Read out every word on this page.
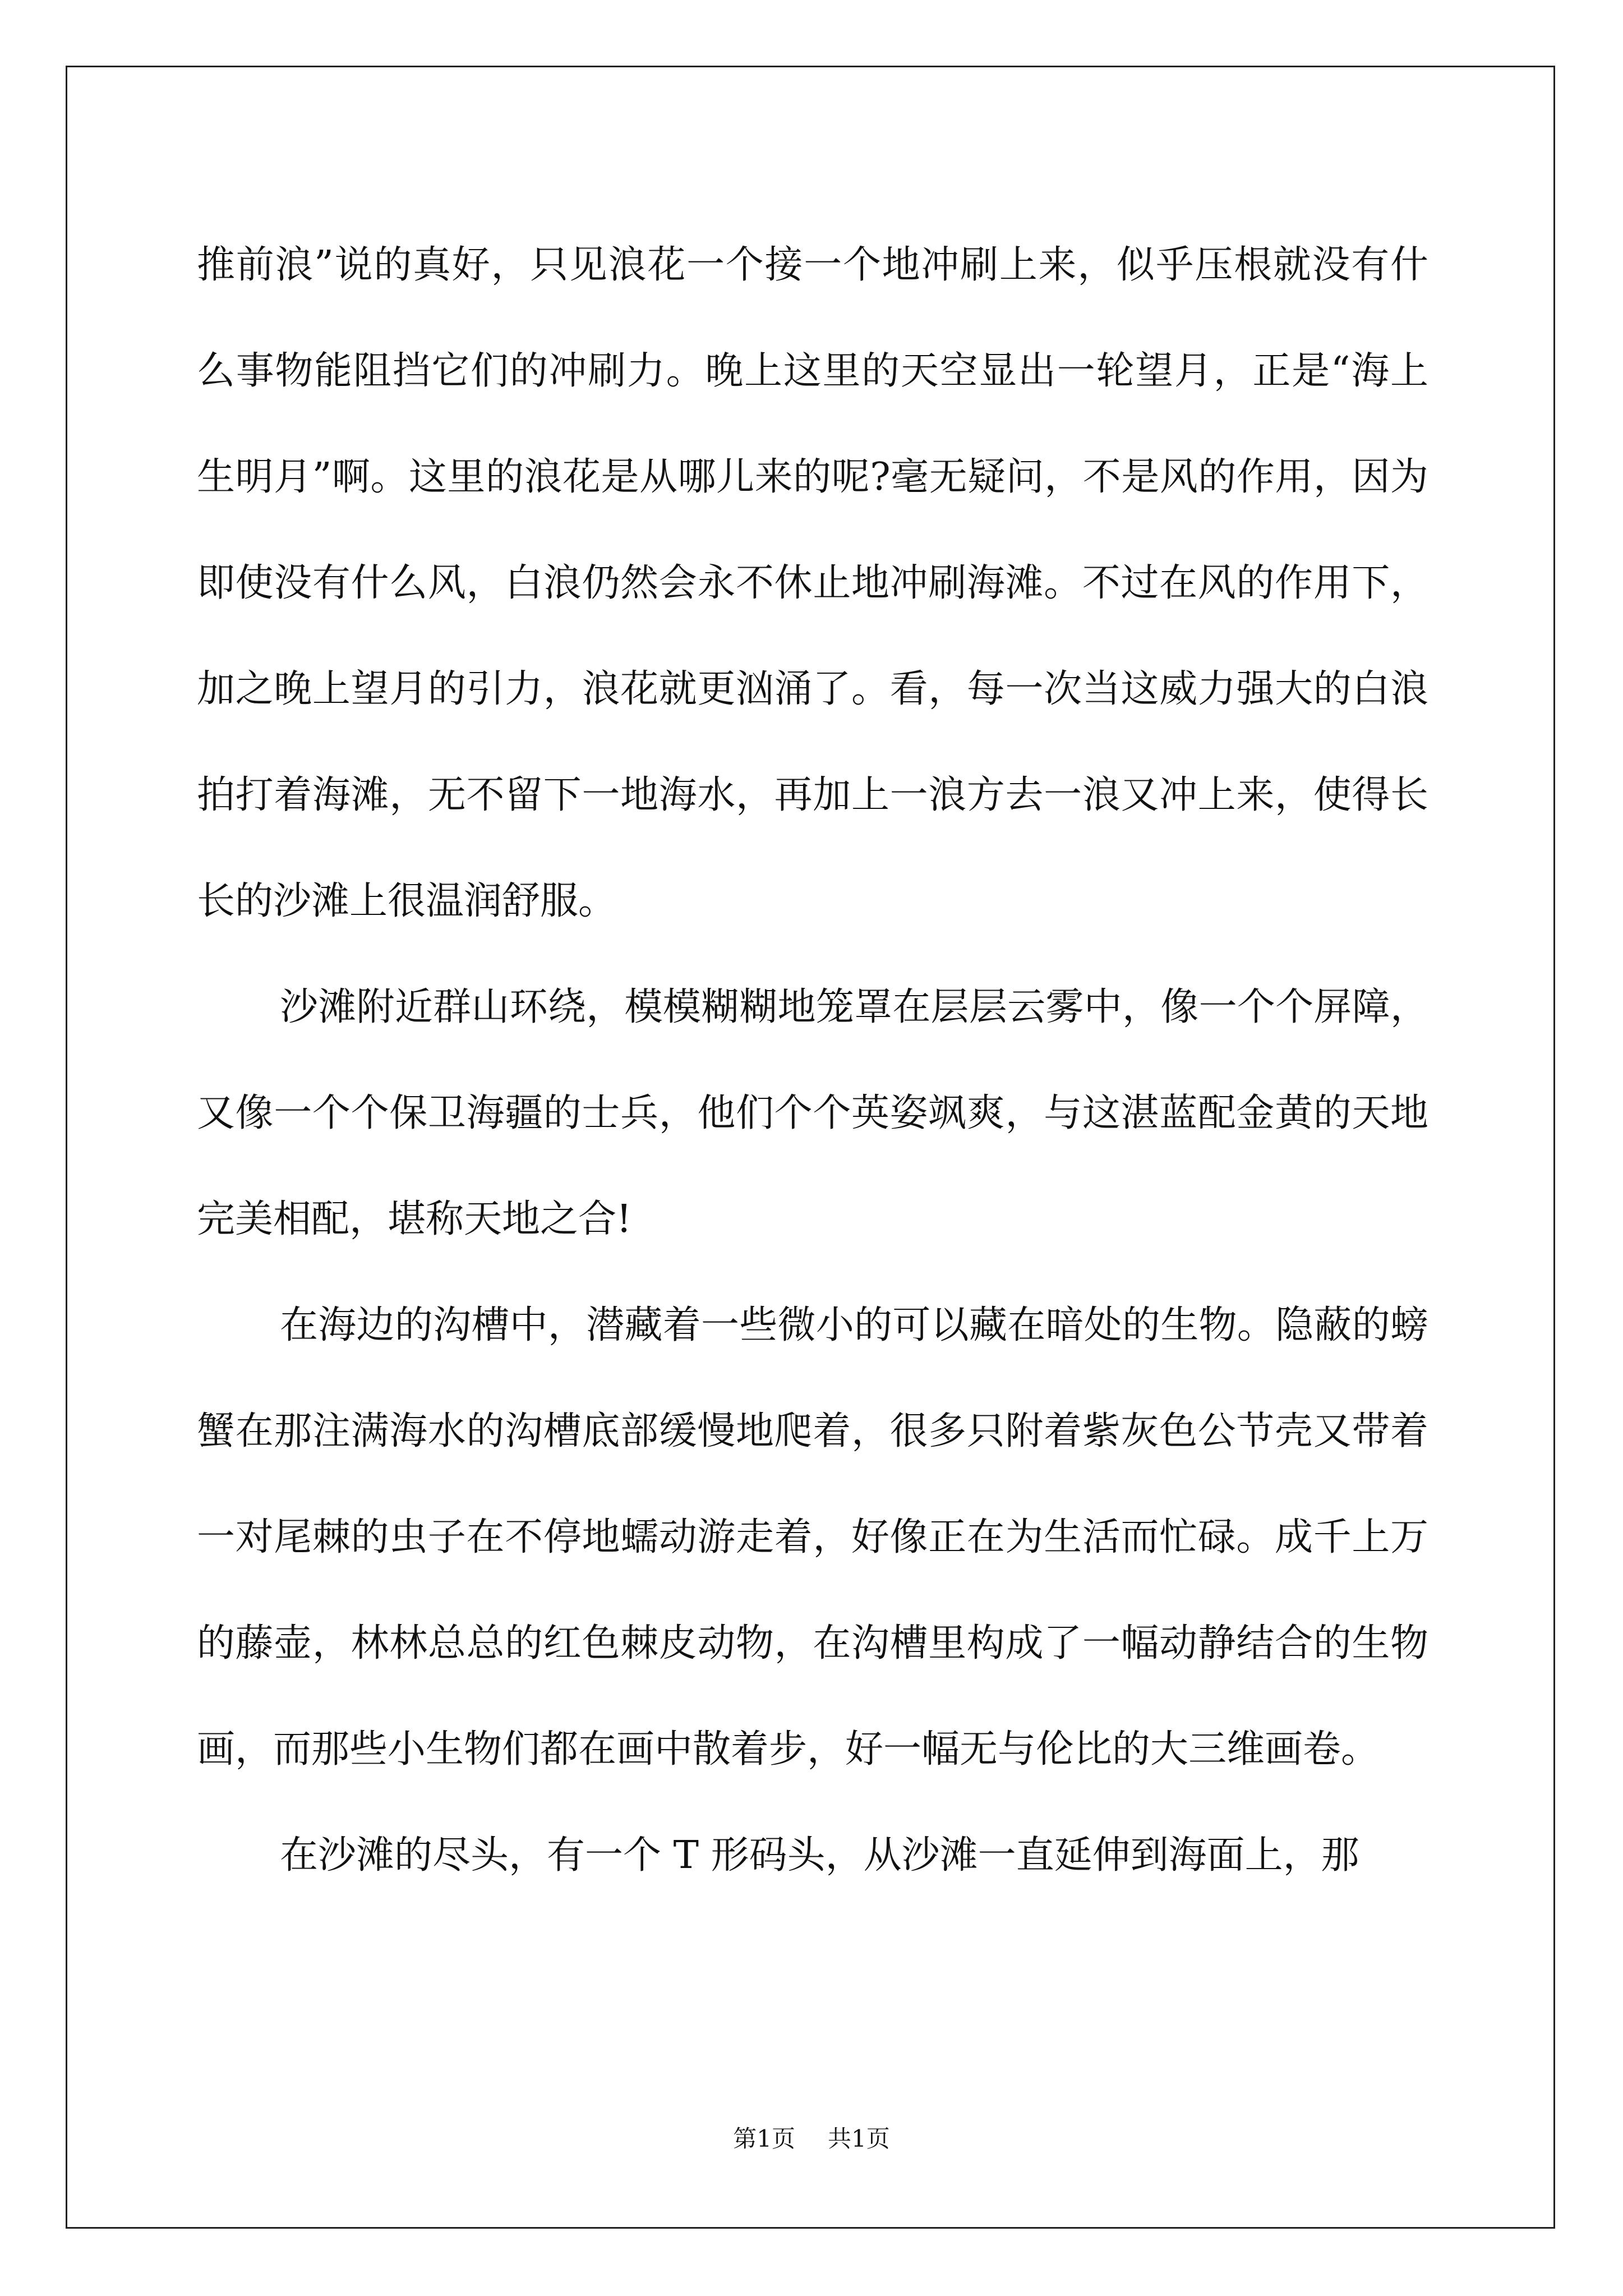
推前浪”说的真好，只见浪花一个接一个地冲刷上来，似乎压根就没有什么事物能阻挡它们的冲刷力。晚上这里的天空显出一轮望月，正是“海上生明月”啊。这里的浪花是从哪儿来的呢?毫无疑问，不是风的作用，因为即使没有什么风，白浪仍然会永不休止地冲刷海滩。不过在风的作用下，加之晚上望月的引力，浪花就更汹涌了。看，每一次当这威力强大的白浪拍打着海滩，无不留下一地海水，再加上一浪方去一浪又冲上来，使得长长的沙滩上很温润舒服。

沙滩附近群山环绕，模模糊糊地笼罩在层层云雾中，像一个个屏障，又像一个个保卫海疆的士兵，他们个个英姿飒爽，与这湛蓝配金黄的天地完美相配，堪称天地之合!

在海边的沟槽中，潜藏着一些微小的可以藏在暗处的生物。隐蔽的螃蟹在那注满海水的沟槽底部缓慢地爬着，很多只附着紫灰色公节壳又带着一对尾棘的虫子在不停地蠕动游走着，好像正在为生活而忙碌。成千上万的藤壶，林林总总的红色棘皮动物，在沟槽里构成了一幅动静结合的生物画，而那些小生物们都在画中散着步，好一幅无与伦比的大三维画卷。

在沙滩的尽头，有一个 T 形码头，从沙滩一直延伸到海面上，那

第1页 共1页
